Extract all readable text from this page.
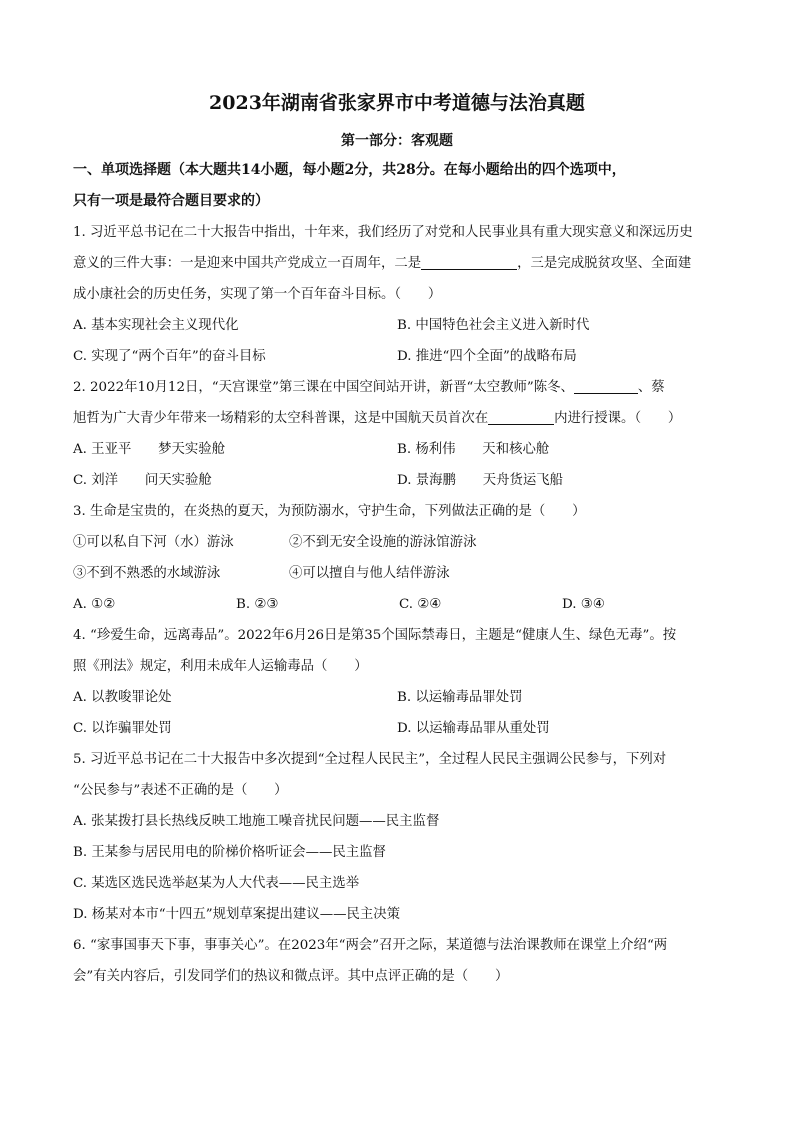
2023年湖南省张家界市中考道德与法治真题
第一部分：客观题
一、单项选择题（本大题共14小题，每小题2分，共28分。在每小题给出的四个选项中，
只有一项是最符合题目要求的）
1. 习近平总书记在二十大报告中指出，十年来，我们经历了对党和人民事业具有重大现实意义和深远历史
意义的三件大事：一是迎来中国共产党成立一百周年，二是	，三是完成脱贫攻坚、全面建
成小康社会的历史任务，实现了第一个百年奋斗目标。（　　）
A. 基本实现社会主义现代化	B. 中国特色社会主义进入新时代
C. 实现了“两个百年”的奋斗目标	D. 推进“四个全面”的战略布局
2. 2022年10月12日，“天宫课堂”第三课在中国空间站开讲，新晋“太空教师”陈冬、	、蔡
旭哲为广大青少年带来一场精彩的太空科普课，这是中国航天员首次在	内进行授课。（　　）
A. 王亚平　　梦天实验舱	B. 杨利伟　　天和核心舱
C. 刘洋　　问天实验舱	D. 景海鹏　　天舟货运飞船
3. 生命是宝贵的，在炎热的夏天，为预防溺水，守护生命，下列做法正确的是（　　）
①可以私自下河（水）游泳	②不到无安全设施的游泳馆游泳
③不到不熟悉的水域游泳	④可以擅自与他人结伴游泳
A. ①②	B. ②③	C. ②④	D. ③④
4. “珍爱生命，远离毒品”。2022年6月26日是第35个国际禁毒日，主题是“健康人生、绿色无毒”。按
照《刑法》规定，利用未成年人运输毒品（　　）
A. 以教唆罪论处	B. 以运输毒品罪处罚
C. 以诈骗罪处罚	D. 以运输毒品罪从重处罚
5. 习近平总书记在二十大报告中多次提到“全过程人民民主”，全过程人民民主强调公民参与，下列对
“公民参与”表述不正确的是（　　）
A. 张某拨打县长热线反映工地施工噪音扰民问题——民主监督
B. 王某参与居民用电的阶梯价格听证会——民主监督
C. 某选区选民选举赵某为人大代表——民主选举
D. 杨某对本市“十四五”规划草案提出建议——民主决策
6. “家事国事天下事，事事关心”。在2023年“两会”召开之际，某道德与法治课教师在课堂上介绍“两
会”有关内容后，引发同学们的热议和微点评。其中点评正确的是（　　）
